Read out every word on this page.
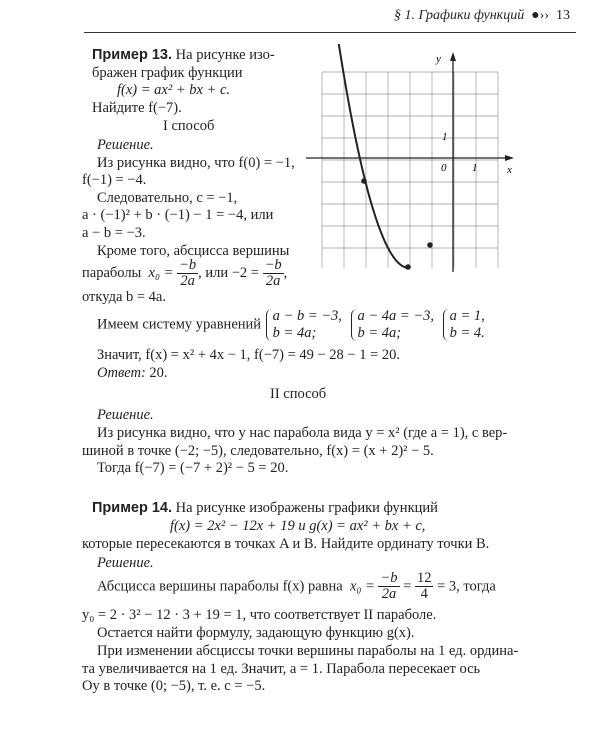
§ 1. Графики функций  ●››  13
Пример 13. На рисунке изо-
бражен график функции
f(x) = ax² + bx + c.
Найдите f(−7).
I способ
Решение.
Из рисунка видно, что f(0) = −1,
f(−1) = −4.
Следовательно, c = −1,
a · (−1)² + b · (−1) − 1 = −4, или
a − b = −3.
Кроме того, абсцисса вершины
параболы $x_0 = \frac{-b}{2a}$ , или $-2 = \frac{-b}{2a}$ ,
откуда b = 4a.
Имеем систему уравнений
a − b = −3,
b = 4a;

a − 4a = −3,
b = 4a;

a = 1,
b = 4.
Значит, f(x) = x² + 4x − 1, f(−7) = 49 − 28 − 1 = 20.
Ответ: 20.
II способ
Решение.
Из рисунка видно, что у нас парабола вида y = x² (где a = 1), с вер-
шиной в точке (−2; −5), следовательно, f(x) = (x + 2)² − 5.
Тогда f(−7) = (−7 + 2)² − 5 = 20.
y
x
0 1
1
Пример 14. На рисунке изображены графики функций
f(x) = 2x² − 12x + 19 и g(x) = ax² + bx + c,
которые пересекаются в точках A и B. Найдите ординату точки B.
Решение.
Абсцисса вершины параболы f(x) равна $x_0 = \frac{-b}{2a} = \frac{12}{4} = 3$, тогда
y₀ = 2 · 3² − 12 · 3 + 19 = 1, что соответствует II параболе.
Остается найти формулу, задающую функцию g(x).
При изменении абсциссы точки вершины параболы на 1 ед. ордина-
та увеличивается на 1 ед. Значит, a = 1. Парабола пересекает ось
Oy в точке (0; −5), т. е. c = −5.
